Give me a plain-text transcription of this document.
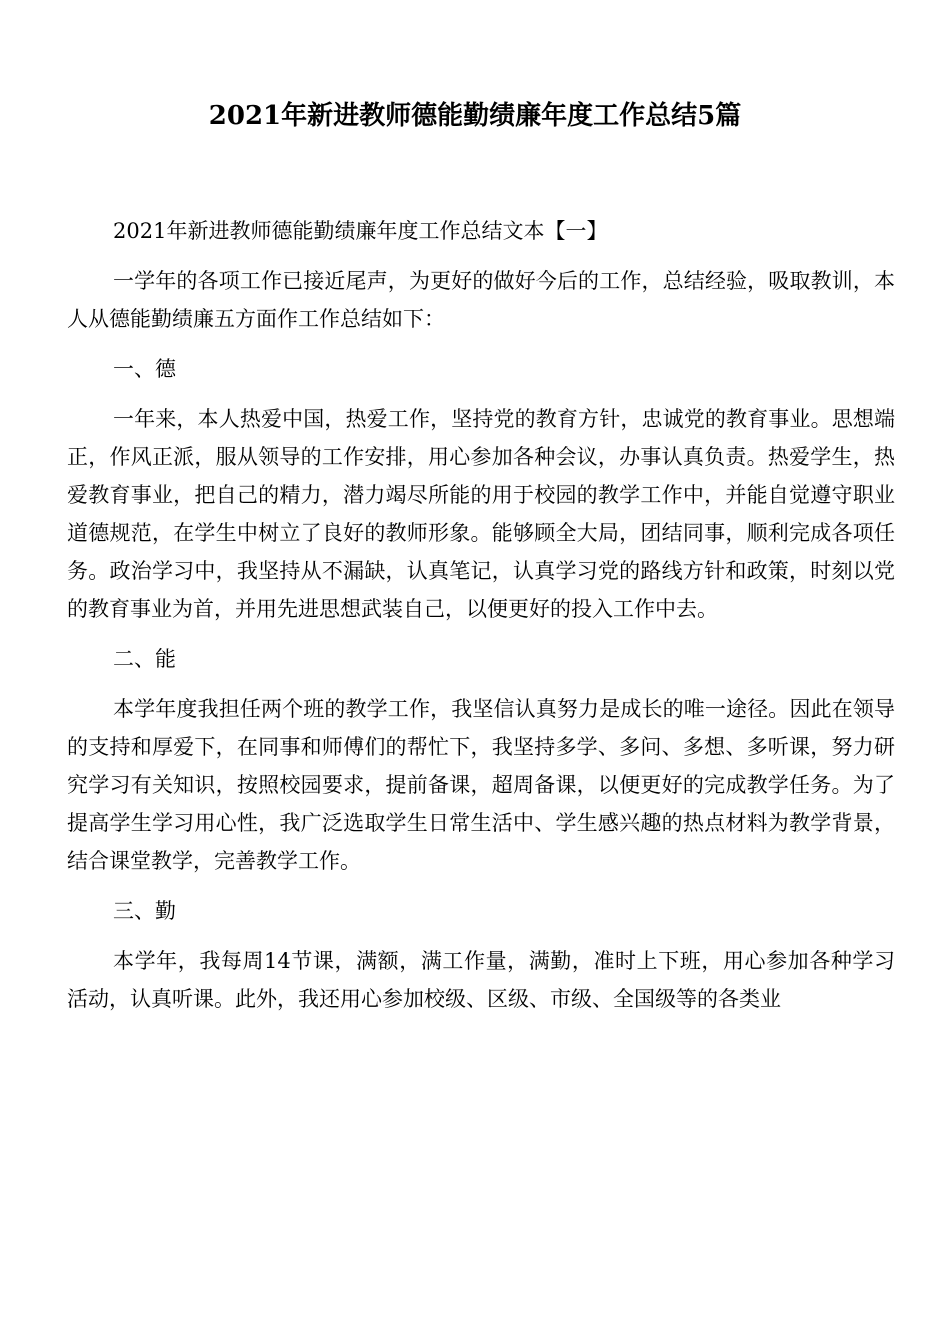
2021年新进教师德能勤绩廉年度工作总结5篇

2021年新进教师德能勤绩廉年度工作总结文本【一】

一学年的各项工作已接近尾声，为更好的做好今后的工作，总结经验，吸取教训，本人从德能勤绩廉五方面作工作总结如下：

一、德

一年来，本人热爱中国，热爱工作，坚持党的教育方针，忠诚党的教育事业。思想端正，作风正派，服从领导的工作安排，用心参加各种会议，办事认真负责。热爱学生，热爱教育事业，把自己的精力，潜力竭尽所能的用于校园的教学工作中，并能自觉遵守职业道德规范，在学生中树立了良好的教师形象。能够顾全大局，团结同事，顺利完成各项任务。政治学习中，我坚持从不漏缺，认真笔记，认真学习党的路线方针和政策，时刻以党的教育事业为首，并用先进思想武装自己，以便更好的投入工作中去。

二、能

本学年度我担任两个班的教学工作，我坚信认真努力是成长的唯一途径。因此在领导的支持和厚爱下，在同事和师傅们的帮忙下，我坚持多学、多问、多想、多听课，努力研究学习有关知识，按照校园要求，提前备课，超周备课，以便更好的完成教学任务。为了提高学生学习用心性，我广泛选取学生日常生活中、学生感兴趣的热点材料为教学背景，结合课堂教学，完善教学工作。

三、勤

本学年，我每周14节课，满额，满工作量，满勤，准时上下班，用心参加各种学习活动，认真听课。此外，我还用心参加校级、区级、市级、全国级等的各类业
